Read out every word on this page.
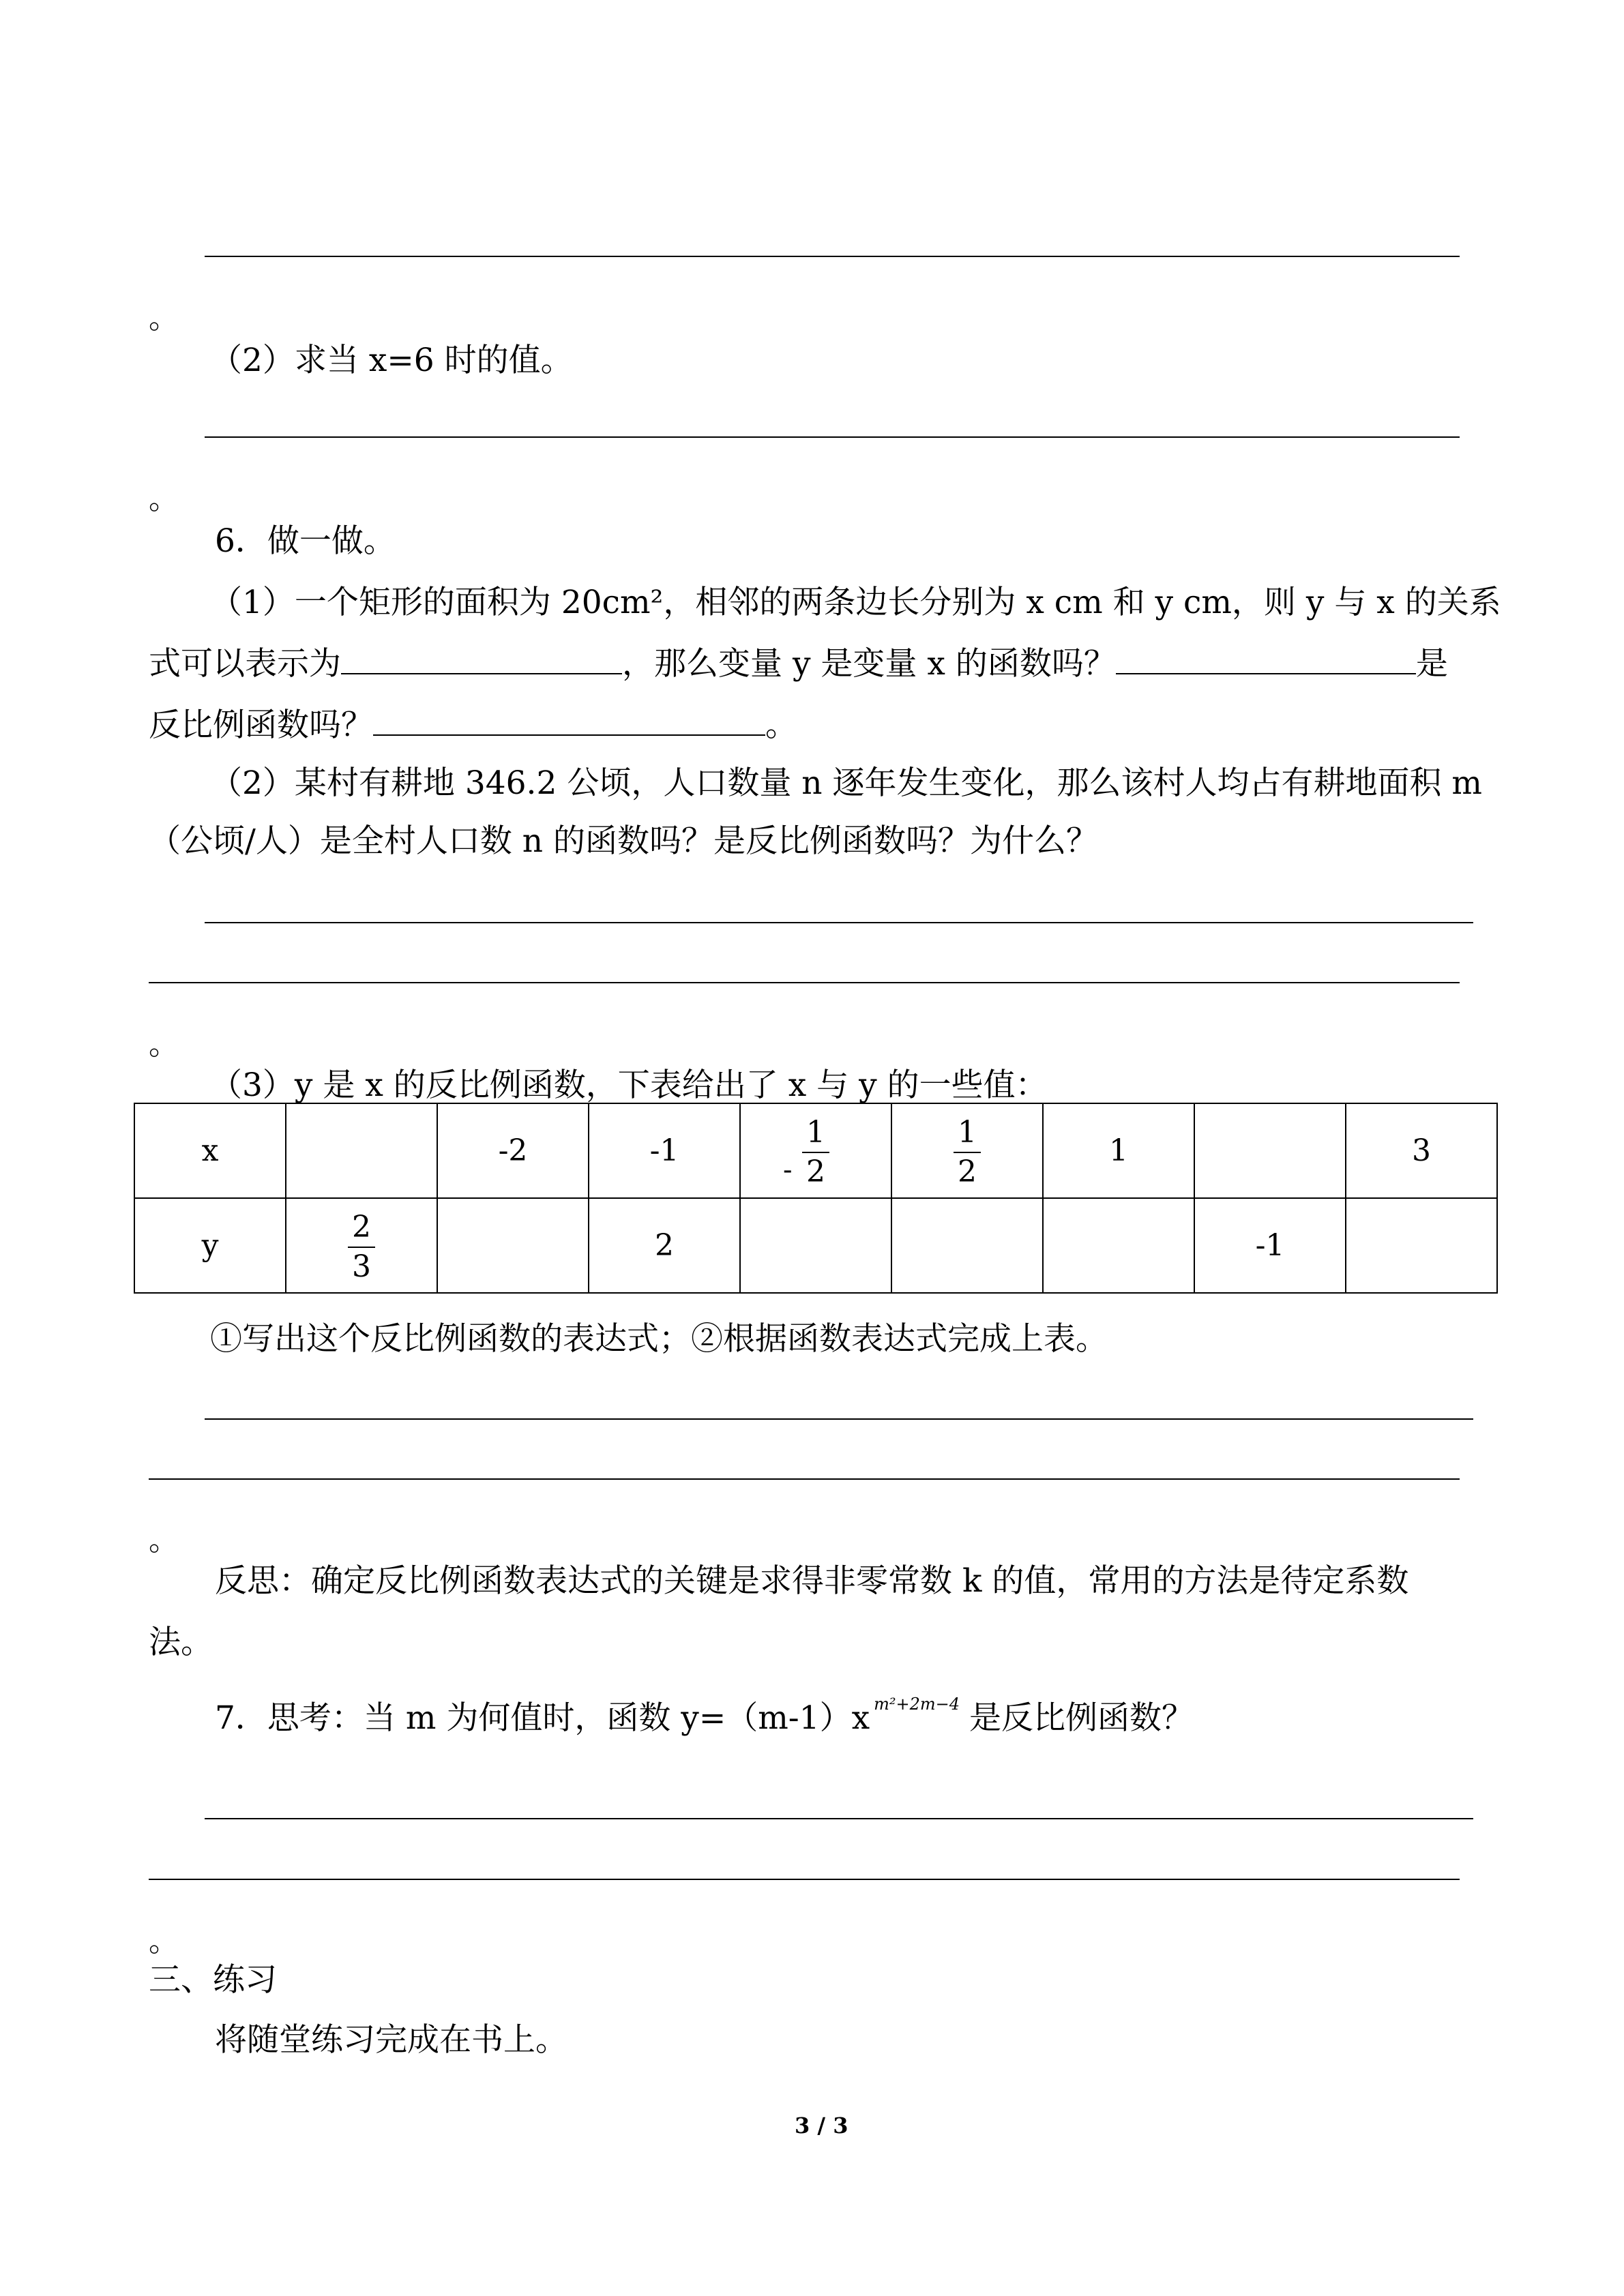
。
（2）求当 x=6 时的值。
。
6．做一做。
（1）一个矩形的面积为 20cm²，相邻的两条边长分别为 x cm 和 y cm，则 y 与 x 的关系
式可以表示为	，那么变量 y 是变量 x 的函数吗？	是
反比例函数吗？	。
（2）某村有耕地 346.2 公顷，人口数量 n 逐年发生变化，那么该村人均占有耕地面积 m
（公顷/人）是全村人口数 n 的函数吗？是反比例函数吗？为什么？
。
（3）y 是 x 的反比例函数，下表给出了 x 与 y 的一些值：
x		-2	-1	- $\frac{1}{2}$	$\frac{1}{2}$	1		3
y	$\frac{2}{3}$		2				-1	
①写出这个反比例函数的表达式；②根据函数表达式完成上表。
。
反思：确定反比例函数表达式的关键是求得非零常数 k 的值，常用的方法是待定系数
法。
7．思考：当 m 为何值时，函数 y=（m-1）x $^{m^2+2m-4}$ 是反比例函数？
。
三、练习
将随堂练习完成在书上。
3 / 3
